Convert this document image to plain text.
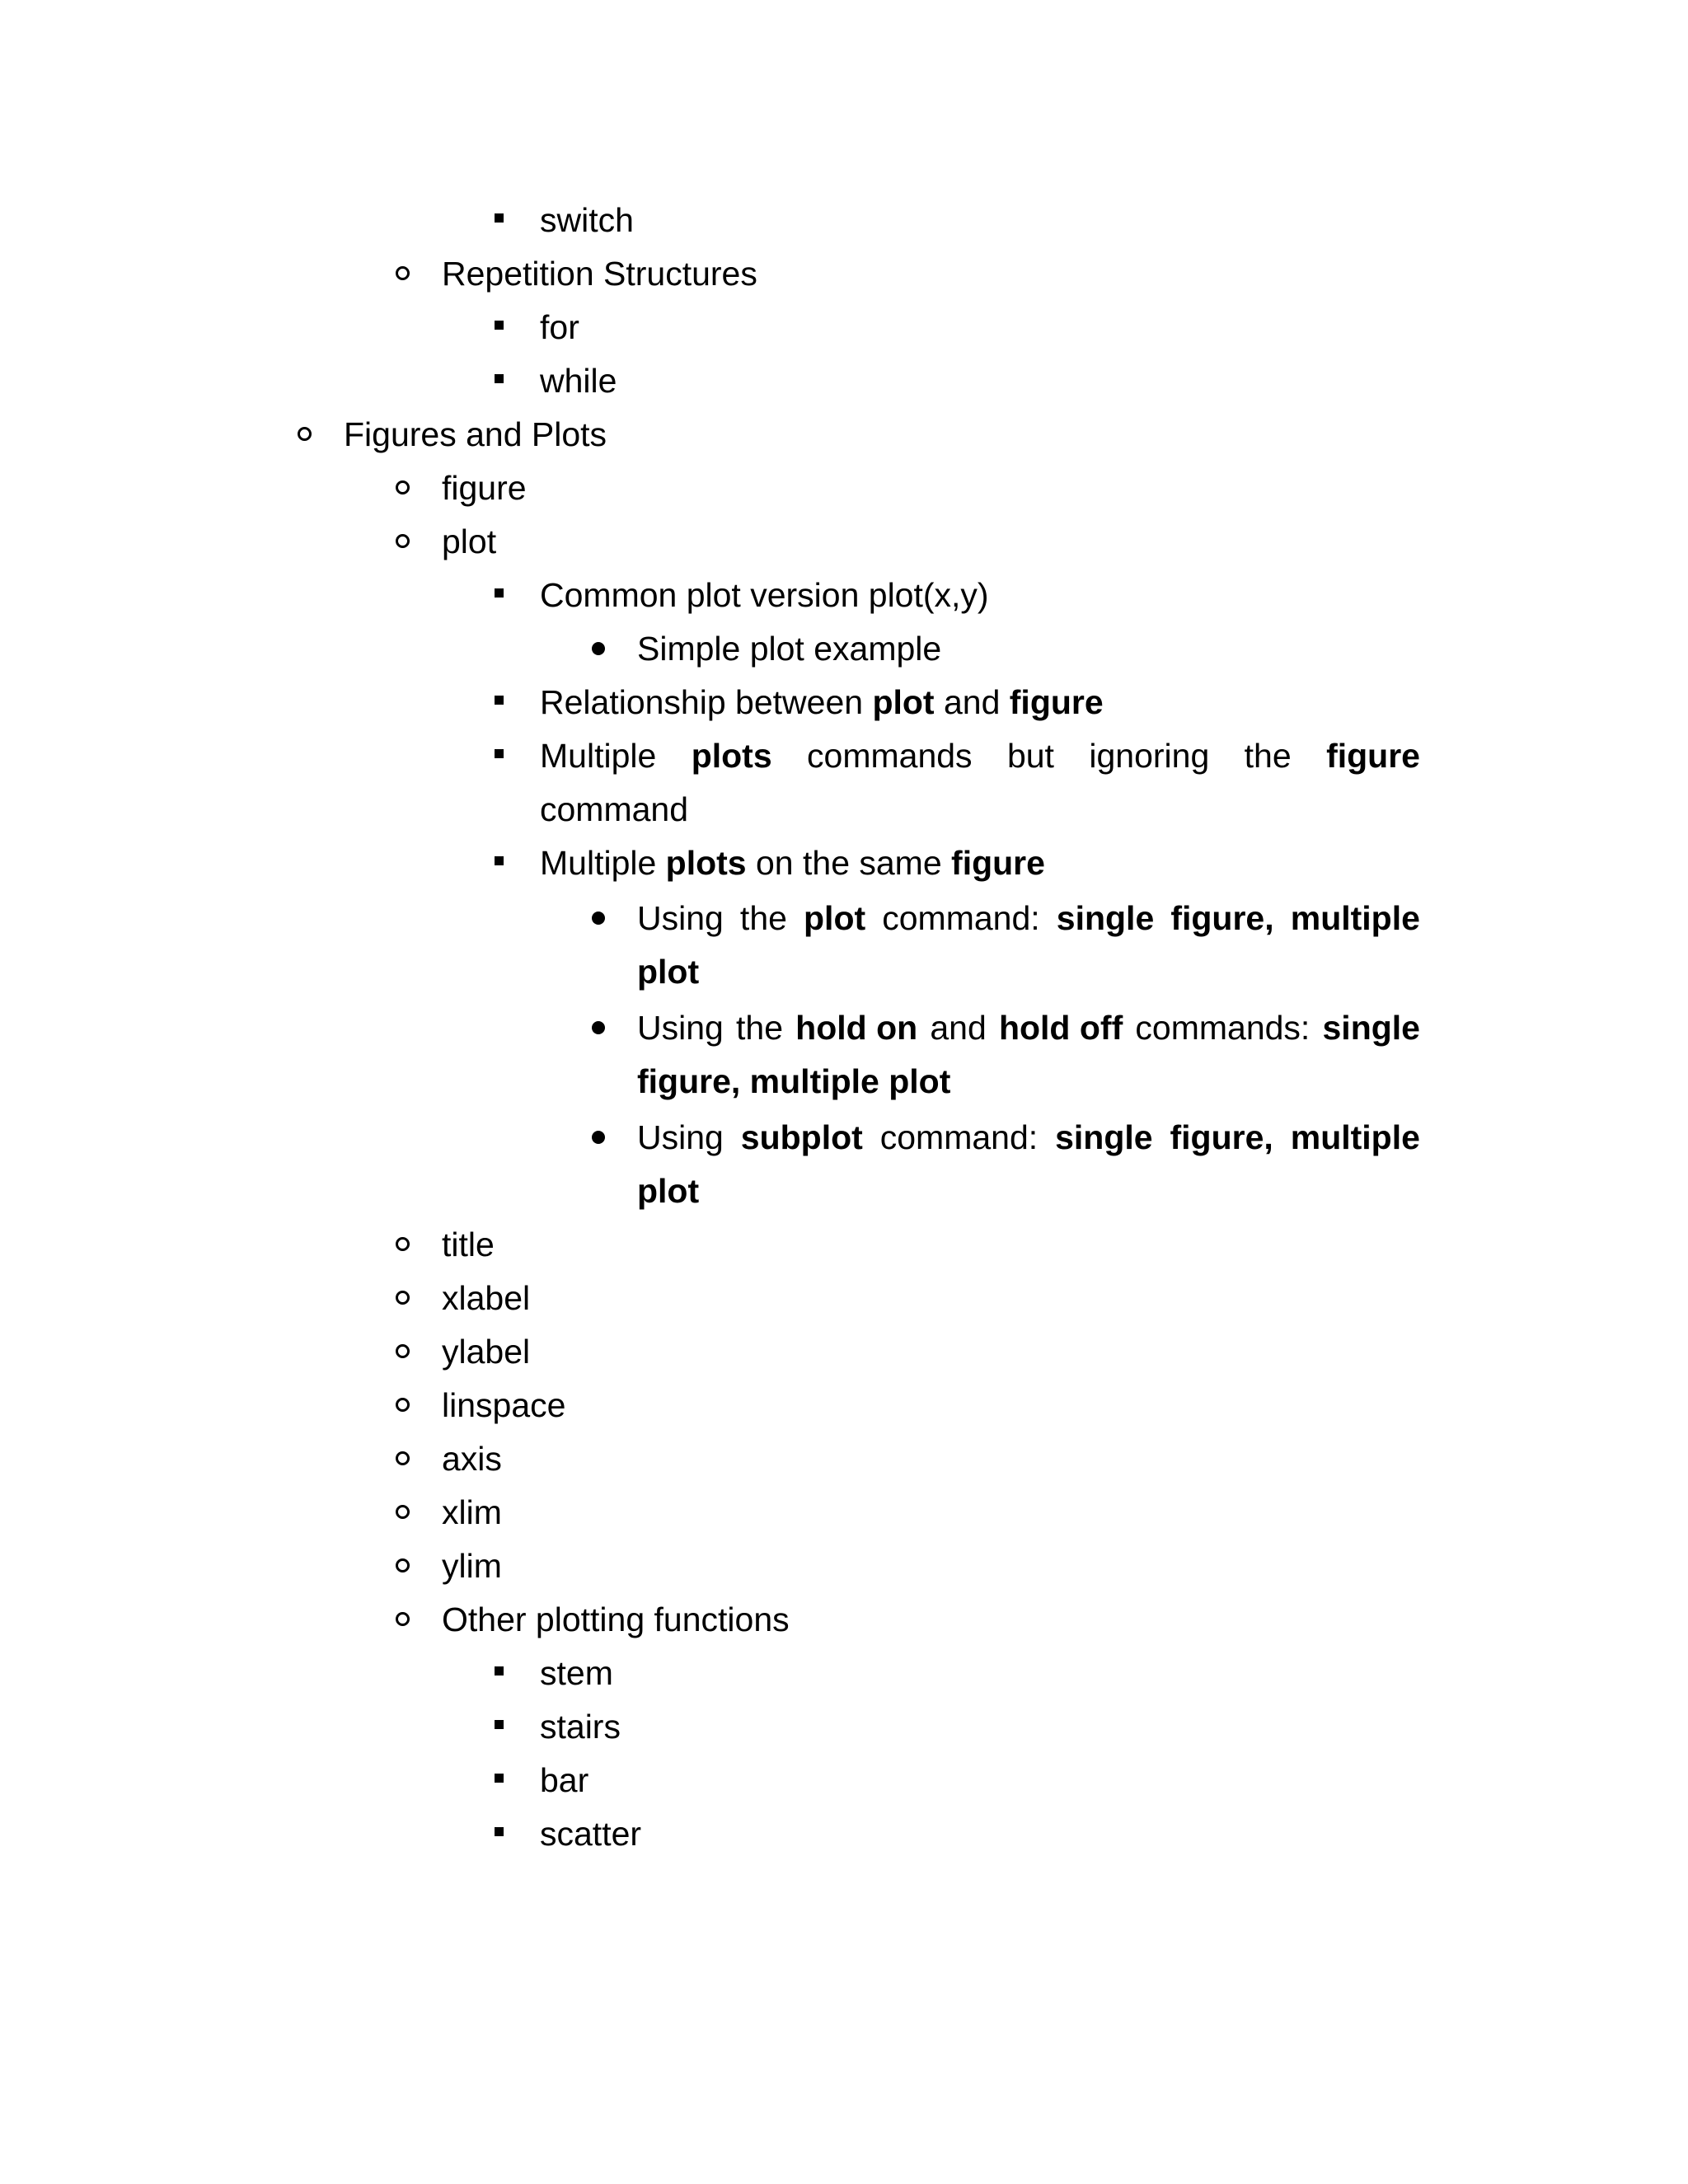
switch
Repetition Structures
for
while
Figures and Plots
figure
plot
Common plot version plot(x,y)
Simple plot example
Relationship between plot and figure
Multiple plots commands but ignoring the figure
command
Multiple plots on the same figure
Using the plot command: single figure, multiple
plot
Using the hold on and hold off commands: single
figure, multiple plot
Using subplot command: single figure, multiple
plot
title
xlabel
ylabel
linspace
axis
xlim
ylim
Other plotting functions
stem
stairs
bar
scatter
